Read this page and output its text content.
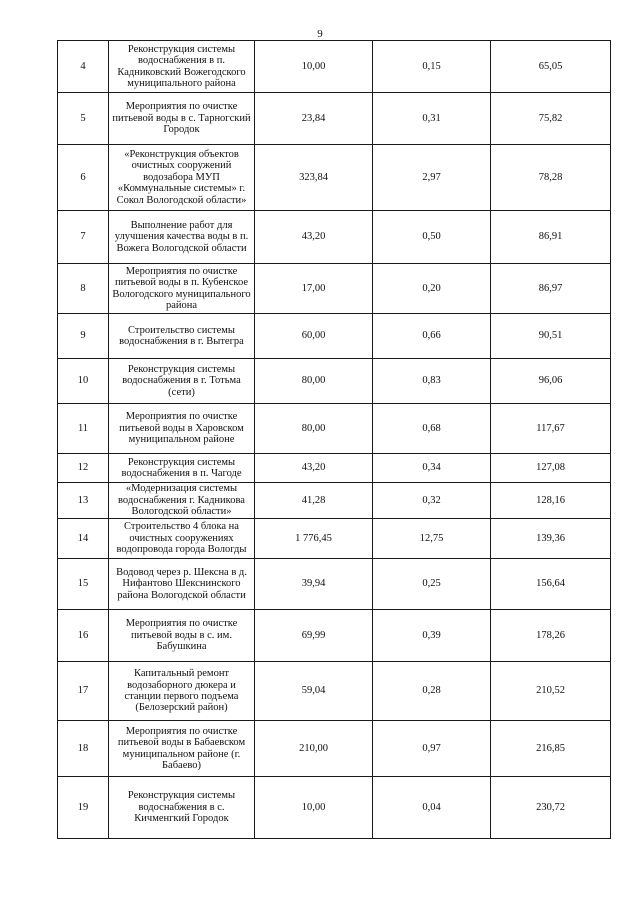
9
4	Реконструкция системы водоснабжения в п. Кадниковский Вожегодского муниципального района	10,00	0,15	65,05
5	Мероприятия по очистке питьевой воды в с. Тарногский Городок	23,84	0,31	75,82
6	«Реконструкция объектов очистных сооружений водозабора МУП «Коммунальные системы» г. Сокол Вологодской области»	323,84	2,97	78,28
7	Выполнение работ для улучшения качества воды в п. Вожега Вологодской области	43,20	0,50	86,91
8	Мероприятия по очистке питьевой воды в п. Кубенское Вологодского муниципального района	17,00	0,20	86,97
9	Строительство системы водоснабжения в г. Вытегра	60,00	0,66	90,51
10	Реконструкция системы водоснабжения в г. Тотьма (сети)	80,00	0,83	96,06
11	Мероприятия по очистке питьевой воды в Харовском муниципальном районе	80,00	0,68	117,67
12	Реконструкция системы водоснабжения в п. Чагоде	43,20	0,34	127,08
13	«Модернизация системы водоснабжения г. Кадникова Вологодской области»	41,28	0,32	128,16
14	Строительство 4 блока на очистных сооружениях водопровода города Вологды	1 776,45	12,75	139,36
15	Водовод через р. Шексна в д. Нифантово Шекснинского района Вологодской области	39,94	0,25	156,64
16	Мероприятия по очистке питьевой воды в с. им. Бабушкина	69,99	0,39	178,26
17	Капитальный ремонт водозаборного дюкера и станции первого подъема (Белозерский район)	59,04	0,28	210,52
18	Мероприятия по очистке питьевой воды в Бабаевском муниципальном районе (г. Бабаево)	210,00	0,97	216,85
19	Реконструкция системы водоснабжения в с. Кичменгкий Городок	10,00	0,04	230,72
